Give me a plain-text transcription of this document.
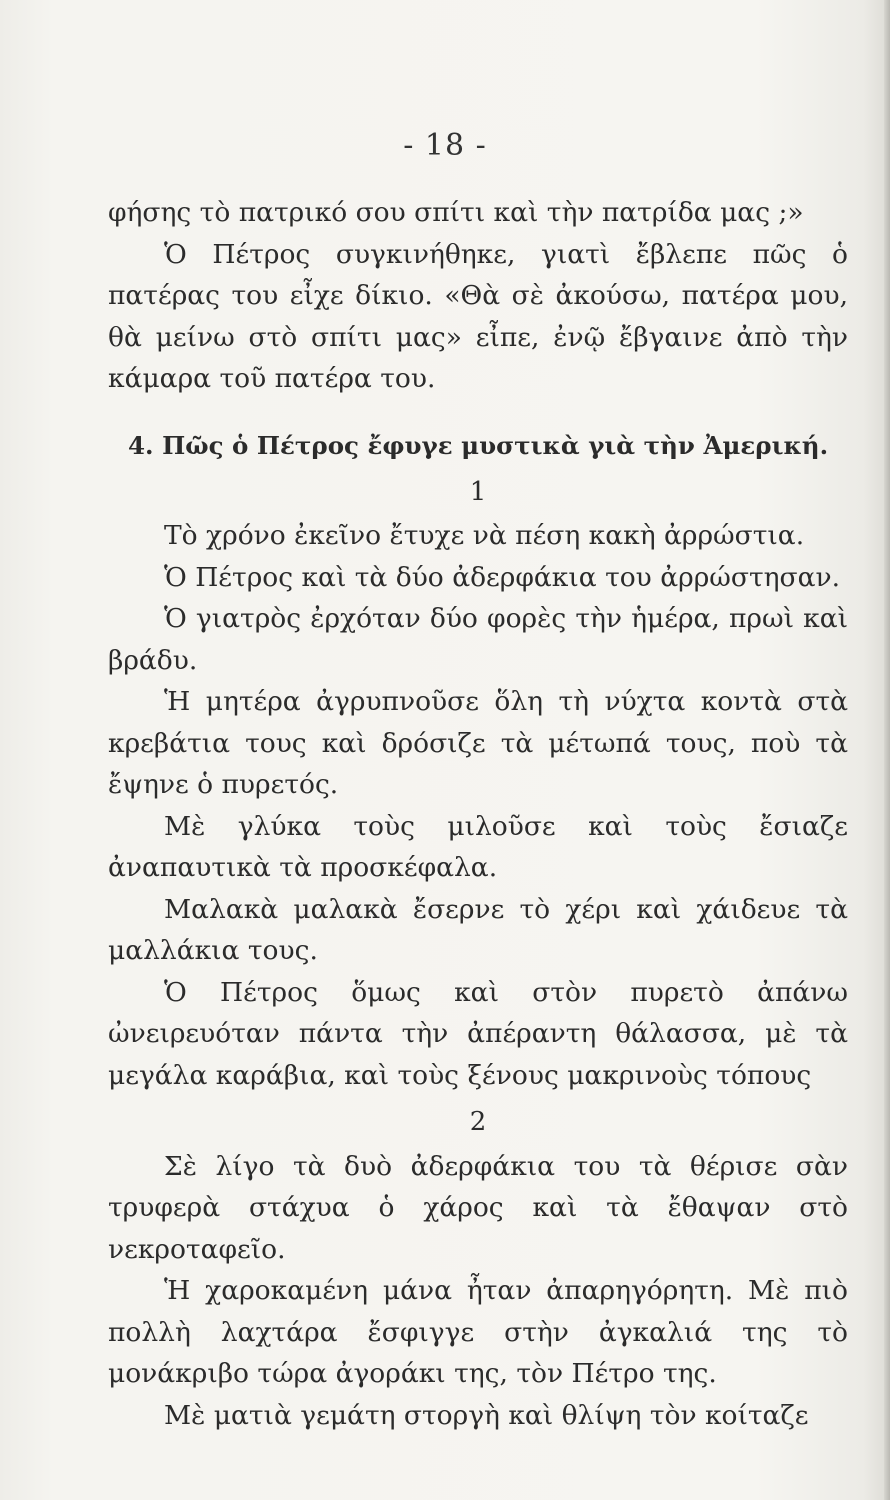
- 18 -

φήσης τὸ πατρικό σου σπίτι καὶ τὴν πατρίδα μας ;»

Ὁ Πέτρος συγκινήθηκε, γιατὶ ἔβλεπε πῶς ὁ πατέρας του εἶχε δίκιο. «Θὰ σὲ ἀκούσω, πατέρα μου, θὰ μείνω στὸ σπίτι μας» εἶπε, ἐνῷ ἔβγαινε ἀπὸ τὴν κάμαρα τοῦ πατέρα του.

4. Πῶς ὁ Πέτρος ἔφυγε μυστικὰ γιὰ τὴν Ἀμερική.

1

Τὸ χρόνο ἐκεῖνο ἔτυχε νὰ πέση κακὴ ἀρρώστια.

Ὁ Πέτρος καὶ τὰ δύο ἀδερφάκια του ἀρρώστησαν.

Ὁ γιατρὸς ἐρχόταν δύο φορὲς τὴν ἡμέρα, πρωὶ καὶ βράδυ.

Ἡ μητέρα ἀγρυπνοῦσε ὅλη τὴ νύχτα κοντὰ στὰ κρεβάτια τους καὶ δρόσιζε τὰ μέτωπά τους, ποὺ τὰ ἔψηνε ὁ πυρετός.

Μὲ γλύκα τοὺς μιλοῦσε καὶ τοὺς ἔσιαζε ἀναπαυτικὰ τὰ προσκέφαλα.

Μαλακὰ μαλακὰ ἔσερνε τὸ χέρι καὶ χάιδευε τὰ μαλλάκια τους.

Ὁ Πέτρος ὅμως καὶ στὸν πυρετὸ ἀπάνω ὠνειρευόταν πάντα τὴν ἀπέραντη θάλασσα, μὲ τὰ μεγάλα καράβια, καὶ τοὺς ξένους μακρινοὺς τόπους

2

Σὲ λίγο τὰ δυὸ ἀδερφάκια του τὰ θέρισε σὰν τρυφερὰ στάχυα ὁ χάρος καὶ τὰ ἔθαψαν στὸ νεκροταφεῖο.

Ἡ χαροκαμένη μάνα ἦταν ἀπαρηγόρητη. Μὲ πιὸ πολλὴ λαχτάρα ἔσφιγγε στὴν ἀγκαλιά της τὸ μονάκριβο τώρα ἀγοράκι της, τὸν Πέτρο της.

Μὲ ματιὰ γεμάτη στοργὴ καὶ θλίψη τὸν κοίταζε
